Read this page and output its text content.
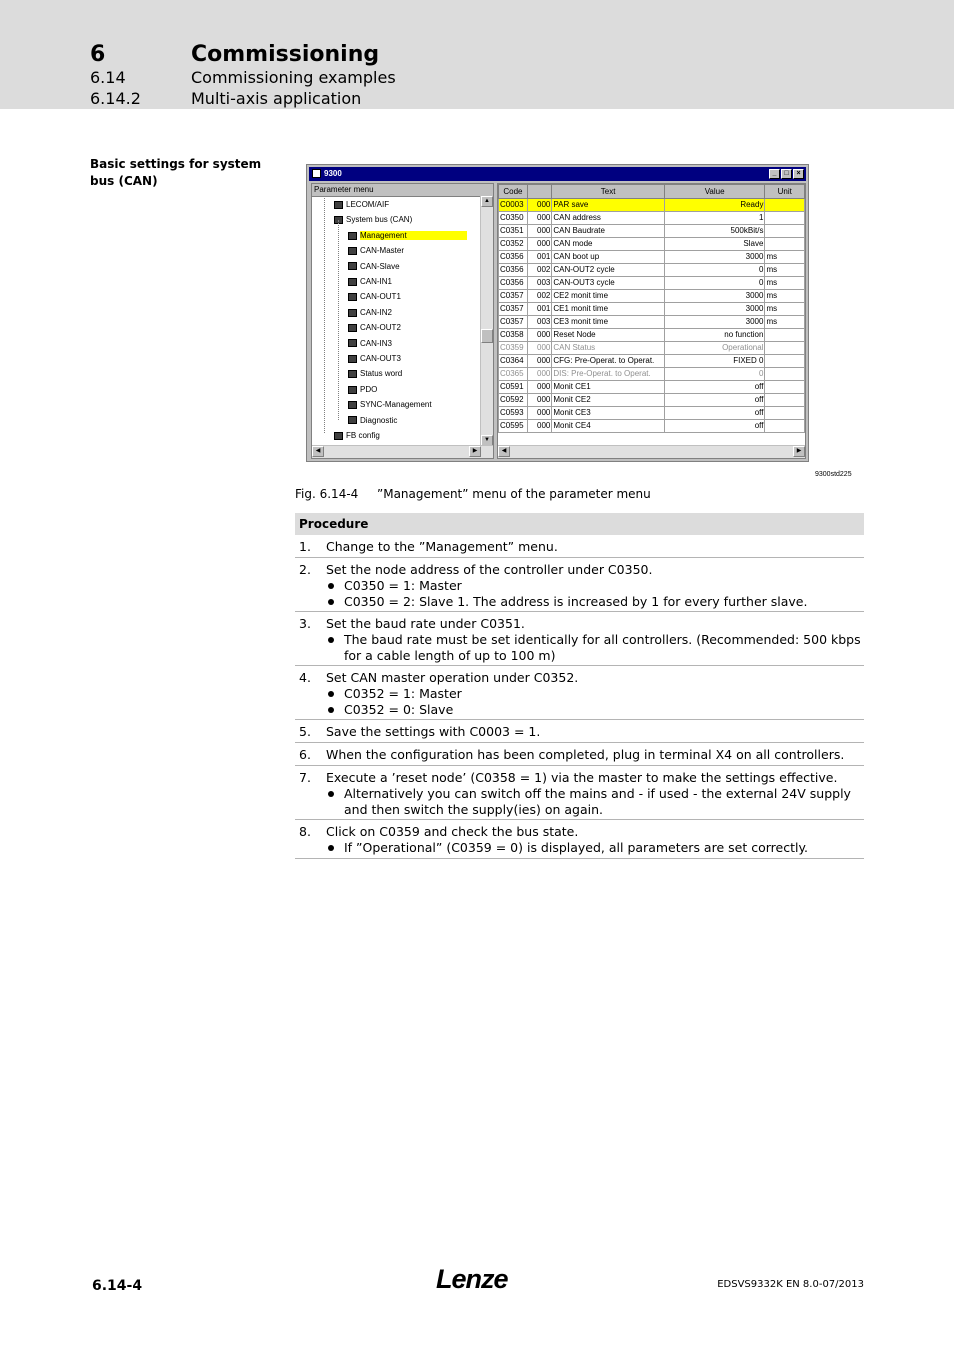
6	Commissioning
6.14	Commissioning examples
6.14.2	Multi-axis application
Basic settings for system bus (CAN)
9300	_ □ ×
Parameter menu
LECOM/AIF
System bus (CAN)
Management
CAN-Master
CAN-Slave
CAN-IN1
CAN-OUT1
CAN-IN2
CAN-OUT2
CAN-IN3
CAN-OUT3
Status word
PDO
SYNC-Management
Diagnostic
FB config
▲
▼
◀	▶
Code		Text	Value	Unit
C0003	000	PAR save	Ready	
C0350	000	CAN address	1	
C0351	000	CAN Baudrate	500kBit/s	
C0352	000	CAN mode	Slave	
C0356	001	CAN boot up	3000	ms
C0356	002	CAN-OUT2 cycle	0	ms
C0356	003	CAN-OUT3 cycle	0	ms
C0357	002	CE2 monit time	3000	ms
C0357	001	CE1 monit time	3000	ms
C0357	003	CE3 monit time	3000	ms
C0358	000	Reset Node	no function	
C0359	000	CAN Status	Operational	
C0364	000	CFG: Pre-Operat. to Operat.	FIXED 0	
C0365	000	DIS: Pre-Operat. to Operat.	0	
C0591	000	Monit CE1	off	
C0592	000	Monit CE2	off	
C0593	000	Monit CE3	off	
C0595	000	Monit CE4	off	
◀	▶
9300std225
Fig. 6.14-4 ”Management” menu of the parameter menu
Procedure
1. Change to the ”Management” menu.
2. Set the node address of the controller under C0350.
C0350 = 1: Master
C0350 = 2: Slave 1. The address is increased by 1 for every further slave.
3. Set the baud rate under C0351.
The baud rate must be set identically for all controllers. (Recommended: 500 kbps for a cable length of up to 100 m)
4. Set CAN master operation under C0352.
C0352 = 1: Master
C0352 = 0: Slave
5. Save the settings with C0003 = 1.
6. When the configuration has been completed, plug in terminal X4 on all controllers.
7. Execute a ’reset node’ (C0358 = 1) via the master to make the settings effective.
Alternatively you can switch off the mains and - if used - the external 24V supply and then switch the supply(ies) on again.
8. Click on C0359 and check the bus state.
If ”Operational” (C0359 = 0) is displayed, all parameters are set correctly.
6.14-4	Lenze	EDSVS9332K EN 8.0-07/2013
